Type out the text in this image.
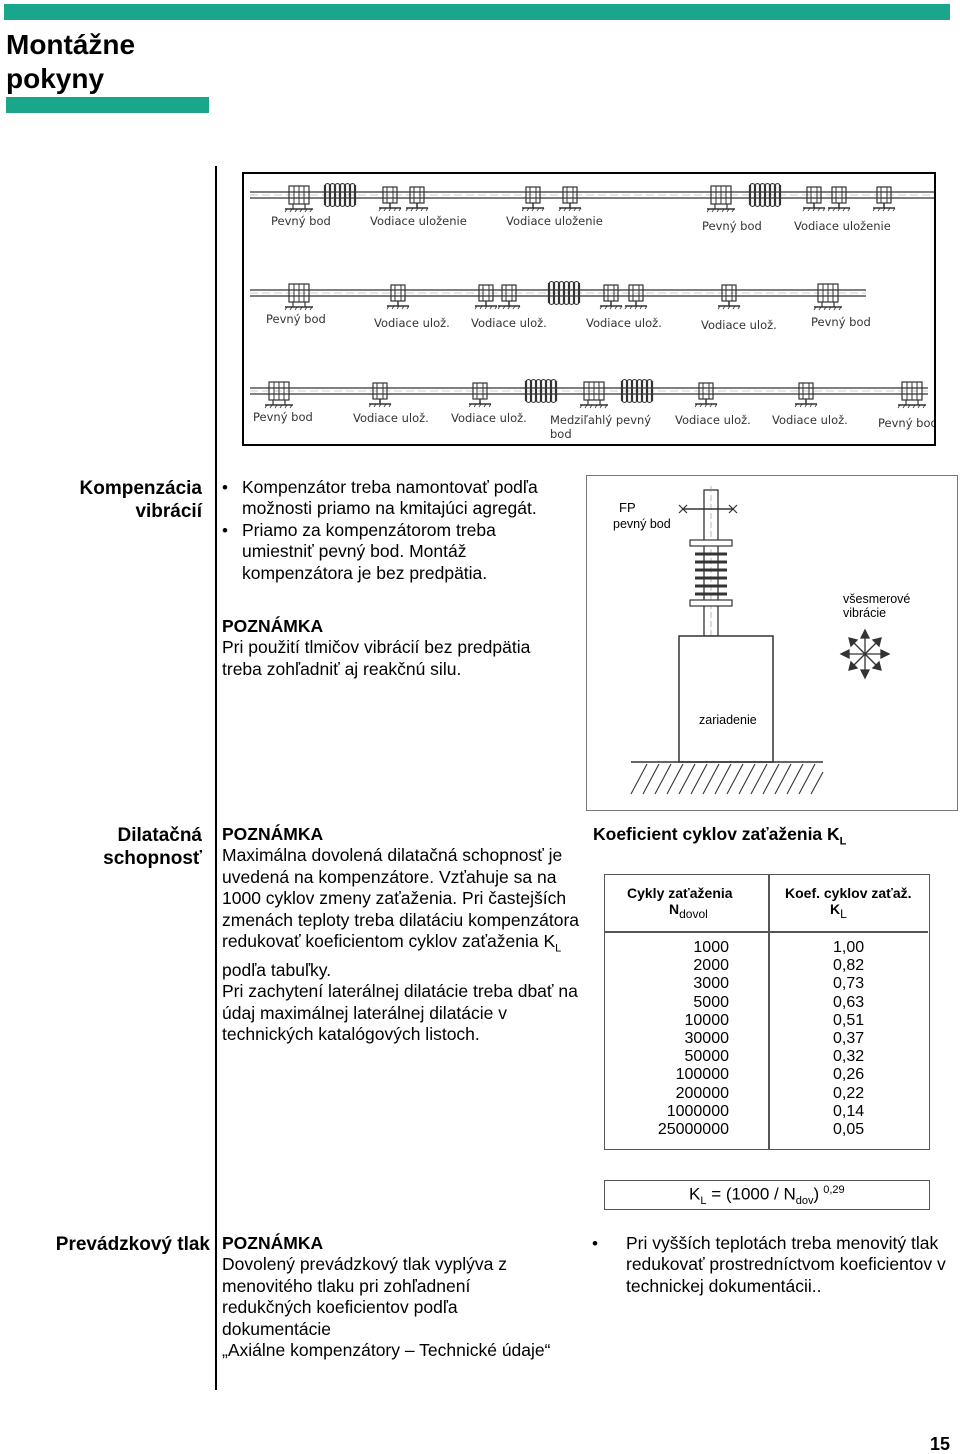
Montážne
pokyny
Pevný bod	Vodiace uloženie	Vodiace uloženie	Pevný bod	Vodiace uloženie
Pevný bod	Vodiace ulož. Vodiace ulož.	Vodiace ulož.	Vodiace ulož.	Pevný bod
Pevný bod	Vodiace ulož. Vodiace ulož. Medziľahlý pevný
bod
Vodiace ulož. Vodiace ulož.	Pevný bod
Kompenzácia
vibrácií
• Kompenzátor treba namontovať podľa možnosti priamo na kmitajúci agregát.
• Priamo za kompenzátorom treba umiestniť pevný bod. Montáž kompenzátora je bez predpätia.
POZNÁMKA
Pri použití tlmičov vibrácií bez predpätia treba zohľadniť aj reakčnú silu.
FP
pevný bod
zariadenie
všesmerové
vibrácie
Dilatačná
schopnosť
POZNÁMKA
Maximálna dovolená dilatačná schopnosť je uvedená na kompenzátore. Vzťahuje sa na 1000 cyklov zmeny zaťaženia. Pri častejších zmenách teploty treba dilatáciu kompenzátora redukovať koeficientom cyklov zaťaženia $K_L$ podľa tabuľky.
Pri zachytení laterálnej dilatácie treba dbať na údaj maximálnej laterálnej dilatácie v technických katalógových listoch.
Koeficient cyklov zaťaženia $K_L$
Cykly zaťaženia
$N_{dovol}$
Koef. cyklov zaťaž.
$K_L$
1000	1,00
2000	0,82
3000	0,73
5000	0,63
10000	0,51
30000	0,37
50000	0,32
100000	0,26
200000	0,22
1000000	0,14
25000000	0,05
$K_L = (1000 / N_{dov})$ $^{0,29}$
Prevádzkový tlak POZNÁMKA
Dovolený prevádzkový tlak vyplýva z menovitého tlaku pri zohľadnení redukčných koeficientov podľa dokumentácie
„Axiálne kompenzátory – Technické údaje“
• Pri vyšších teplotách treba menovitý tlak redukovať prostredníctvom koeficientov v technickej dokumentácii..
15
